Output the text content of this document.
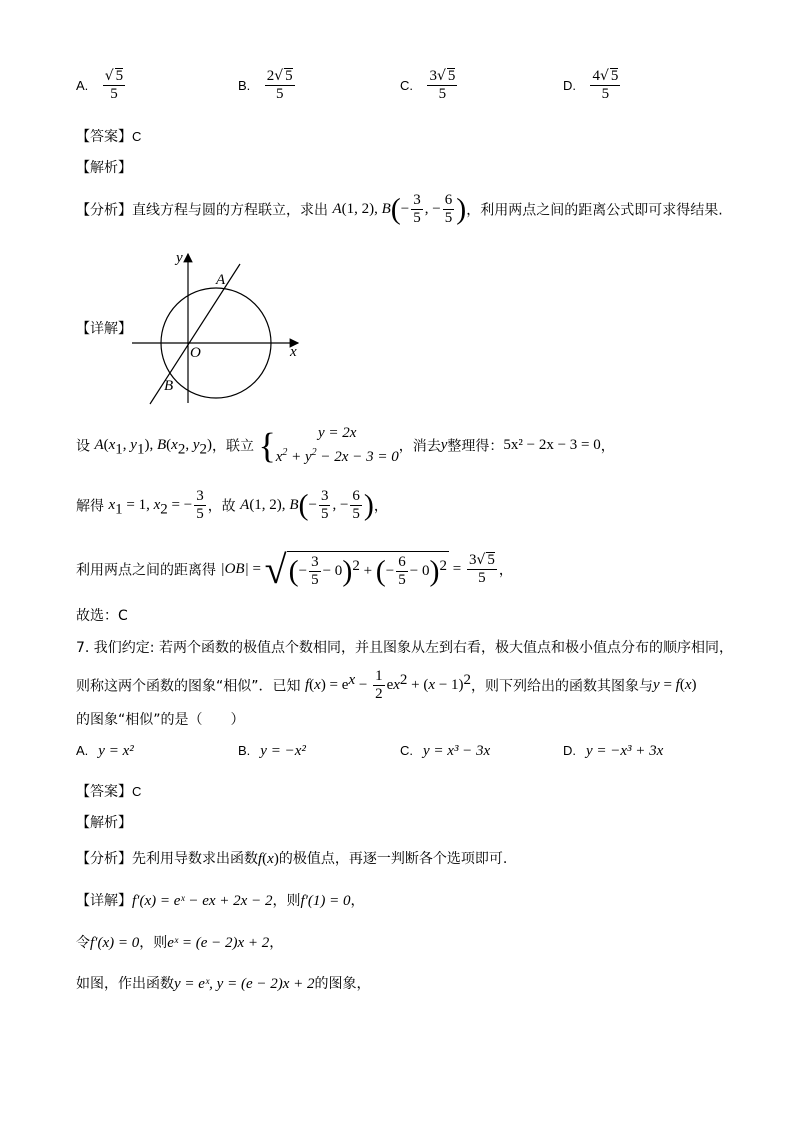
A. $\frac{√ 5}{5}$	B. $\frac{2√ 5}{5}$	C. $\frac{3√ 5}{5}$	D. $\frac{4√ 5}{5}$
【答案】C
【解析】
【分析】直线方程与圆的方程联立，求出 A(1, 2), $B(- \frac{3}{5}$ , − $\frac{6}{5}$ )，利用两点之间的距离公式即可求得结果.
【详解】
y
x
A
O
B
设 $A(x_1$, $y_1$), $B(x_2$, $y_2$)，联立 {	y = 2x
$x^2 + y^2 - 2x - 3 = 0$
，消去y整理得：5x² − 2x − 3 = 0，
解得 $x_1 = 1$, $x_2$ = − $\frac{3}{5}$ ，故 A(1, 2), $B(- \frac{3}{5}$ , − $\frac{6}{5}$ )，
利用两点之间的距离得 |OB| = √(− $\frac{3}{5} - 0)^2$ + (− $\frac{6}{5} - 0)^2 = \frac{3√ 5}{5}$ ，
故选：C
7. 我们约定: 若两个函数的极值点个数相同，并且图象从左到右看，极大值点和极小值点分布的顺序相同，
则称这两个函数的图象“相似”．已知 $f(x) = e^x - \frac{1}{2} ex^2 + (x - 1)^2$，则下列给出的函数其图象与y = f(x)
的图象“相似”的是（　　）
A. y = x²	B. y = −x²	C. y = x³ − 3x	D. y = −x³ + 3x
【答案】C
【解析】
【分析】先利用导数求出函数f(x)的极值点，再逐一判断各个选项即可.
【详解】f′(x) = eˣ − ex + 2x − 2，则f′(1) = 0，
令f′(x) = 0，则eˣ = (e − 2)x + 2，
如图，作出函数y = eˣ, y = (e − 2)x + 2的图象，
